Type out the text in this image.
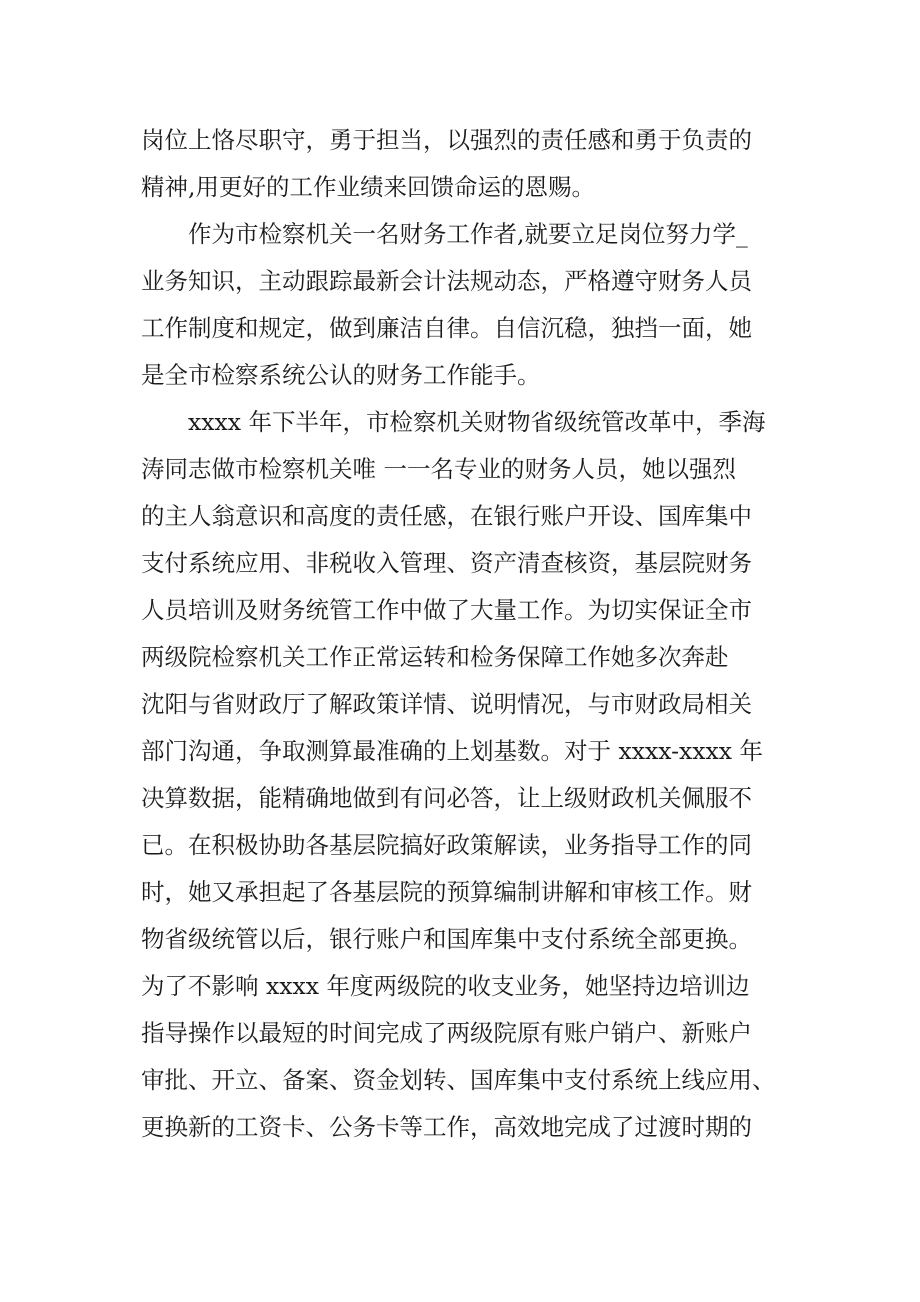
岗位上恪尽职守，勇于担当，以强烈的责任感和勇于负责的
精神,用更好的工作业绩来回馈命运的恩赐。
作为市检察机关一名财务工作者,就要立足岗位努力学_
业务知识，主动跟踪最新会计法规动态，严格遵守财务人员
工作制度和规定，做到廉洁自律。自信沉稳，独挡一面，她
是全市检察系统公认的财务工作能手。
xxxx 年下半年，市检察机关财物省级统管改革中，季海
涛同志做市检察机关唯 一一名专业的财务人员，她以强烈
的主人翁意识和高度的责任感，在银行账户开设、国库集中
支付系统应用、非税收入管理、资产清查核资，基层院财务
人员培训及财务统管工作中做了大量工作。为切实保证全市
两级院检察机关工作正常运转和检务保障工作她多次奔赴
沈阳与省财政厅了解政策详情、说明情况，与市财政局相关
部门沟通，争取测算最准确的上划基数。对于 xxxx-xxxx 年
决算数据，能精确地做到有问必答，让上级财政机关佩服不
已。在积极协助各基层院搞好政策解读，业务指导工作的同
时，她又承担起了各基层院的预算编制讲解和审核工作。财
物省级统管以后，银行账户和国库集中支付系统全部更换。
为了不影响 xxxx 年度两级院的收支业务，她坚持边培训边
指导操作以最短的时间完成了两级院原有账户销户、新账户
审批、开立、备案、资金划转、国库集中支付系统上线应用、
更换新的工资卡、公务卡等工作，高效地完成了过渡时期的
